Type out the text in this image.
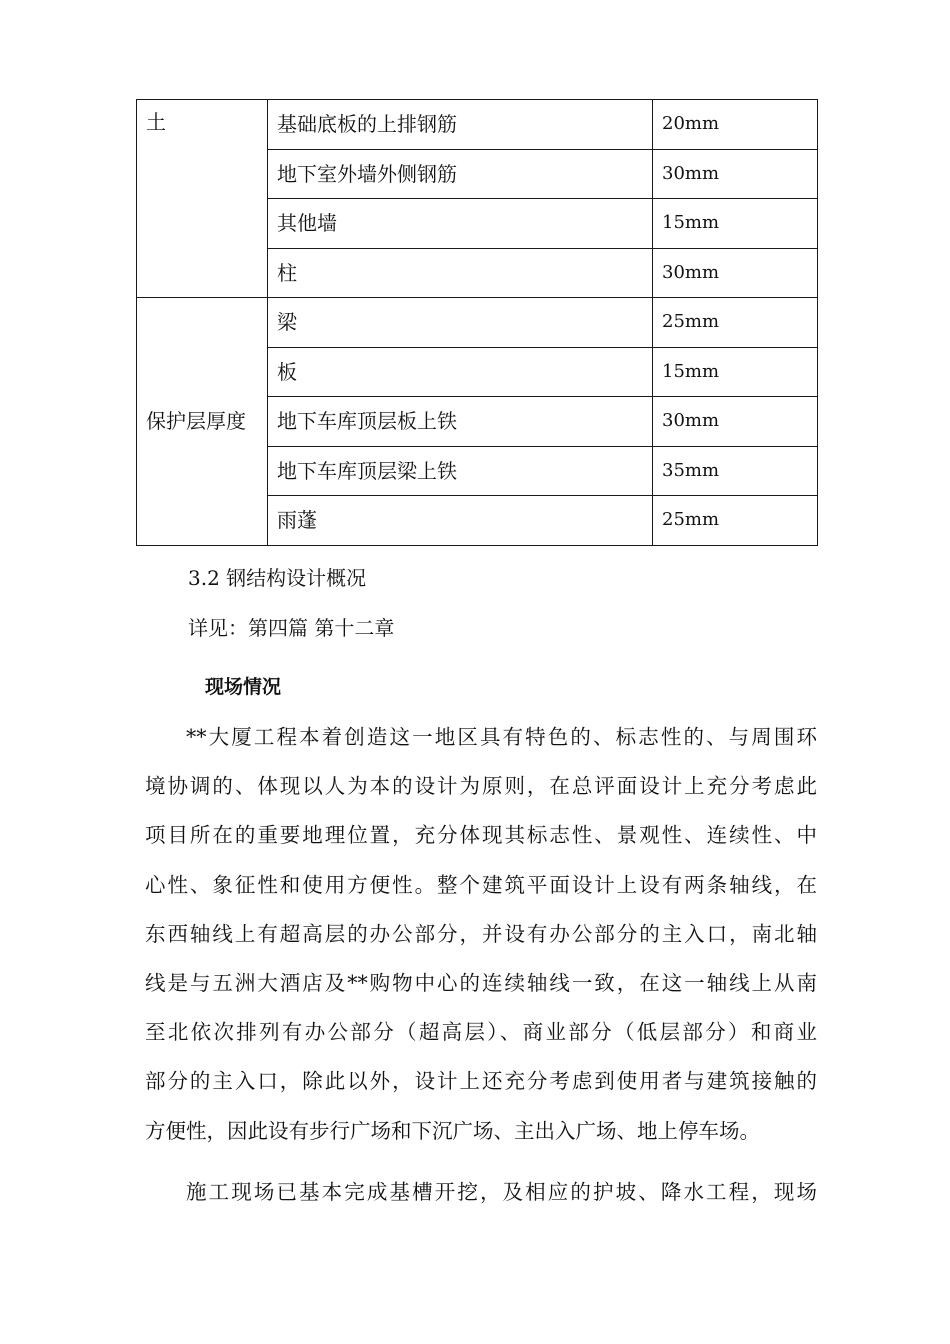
土	基础底板的上排钢筋	20mm
	地下室外墙外侧钢筋	30mm
	其他墙	15mm
	柱	30mm
保护层厚度	梁	25mm
	板	15mm
	地下车库顶层板上铁	30mm
	地下车库顶层梁上铁	35mm
	雨蓬	25mm
3.2 钢结构设计概况
详见：第四篇 第十二章
现场情况
**大厦工程本着创造这一地区具有特色的、标志性的、与周围环
境协调的、体现以人为本的设计为原则，在总评面设计上充分考虑此
项目所在的重要地理位置，充分体现其标志性、景观性、连续性、中
心性、象征性和使用方便性。整个建筑平面设计上设有两条轴线，在
东西轴线上有超高层的办公部分，并设有办公部分的主入口，南北轴
线是与五洲大酒店及**购物中心的连续轴线一致，在这一轴线上从南
至北依次排列有办公部分（超高层）、商业部分（低层部分）和商业
部分的主入口，除此以外，设计上还充分考虑到使用者与建筑接触的
方便性，因此设有步行广场和下沉广场、主出入广场、地上停车场。
施工现场已基本完成基槽开挖，及相应的护坡、降水工程，现场
